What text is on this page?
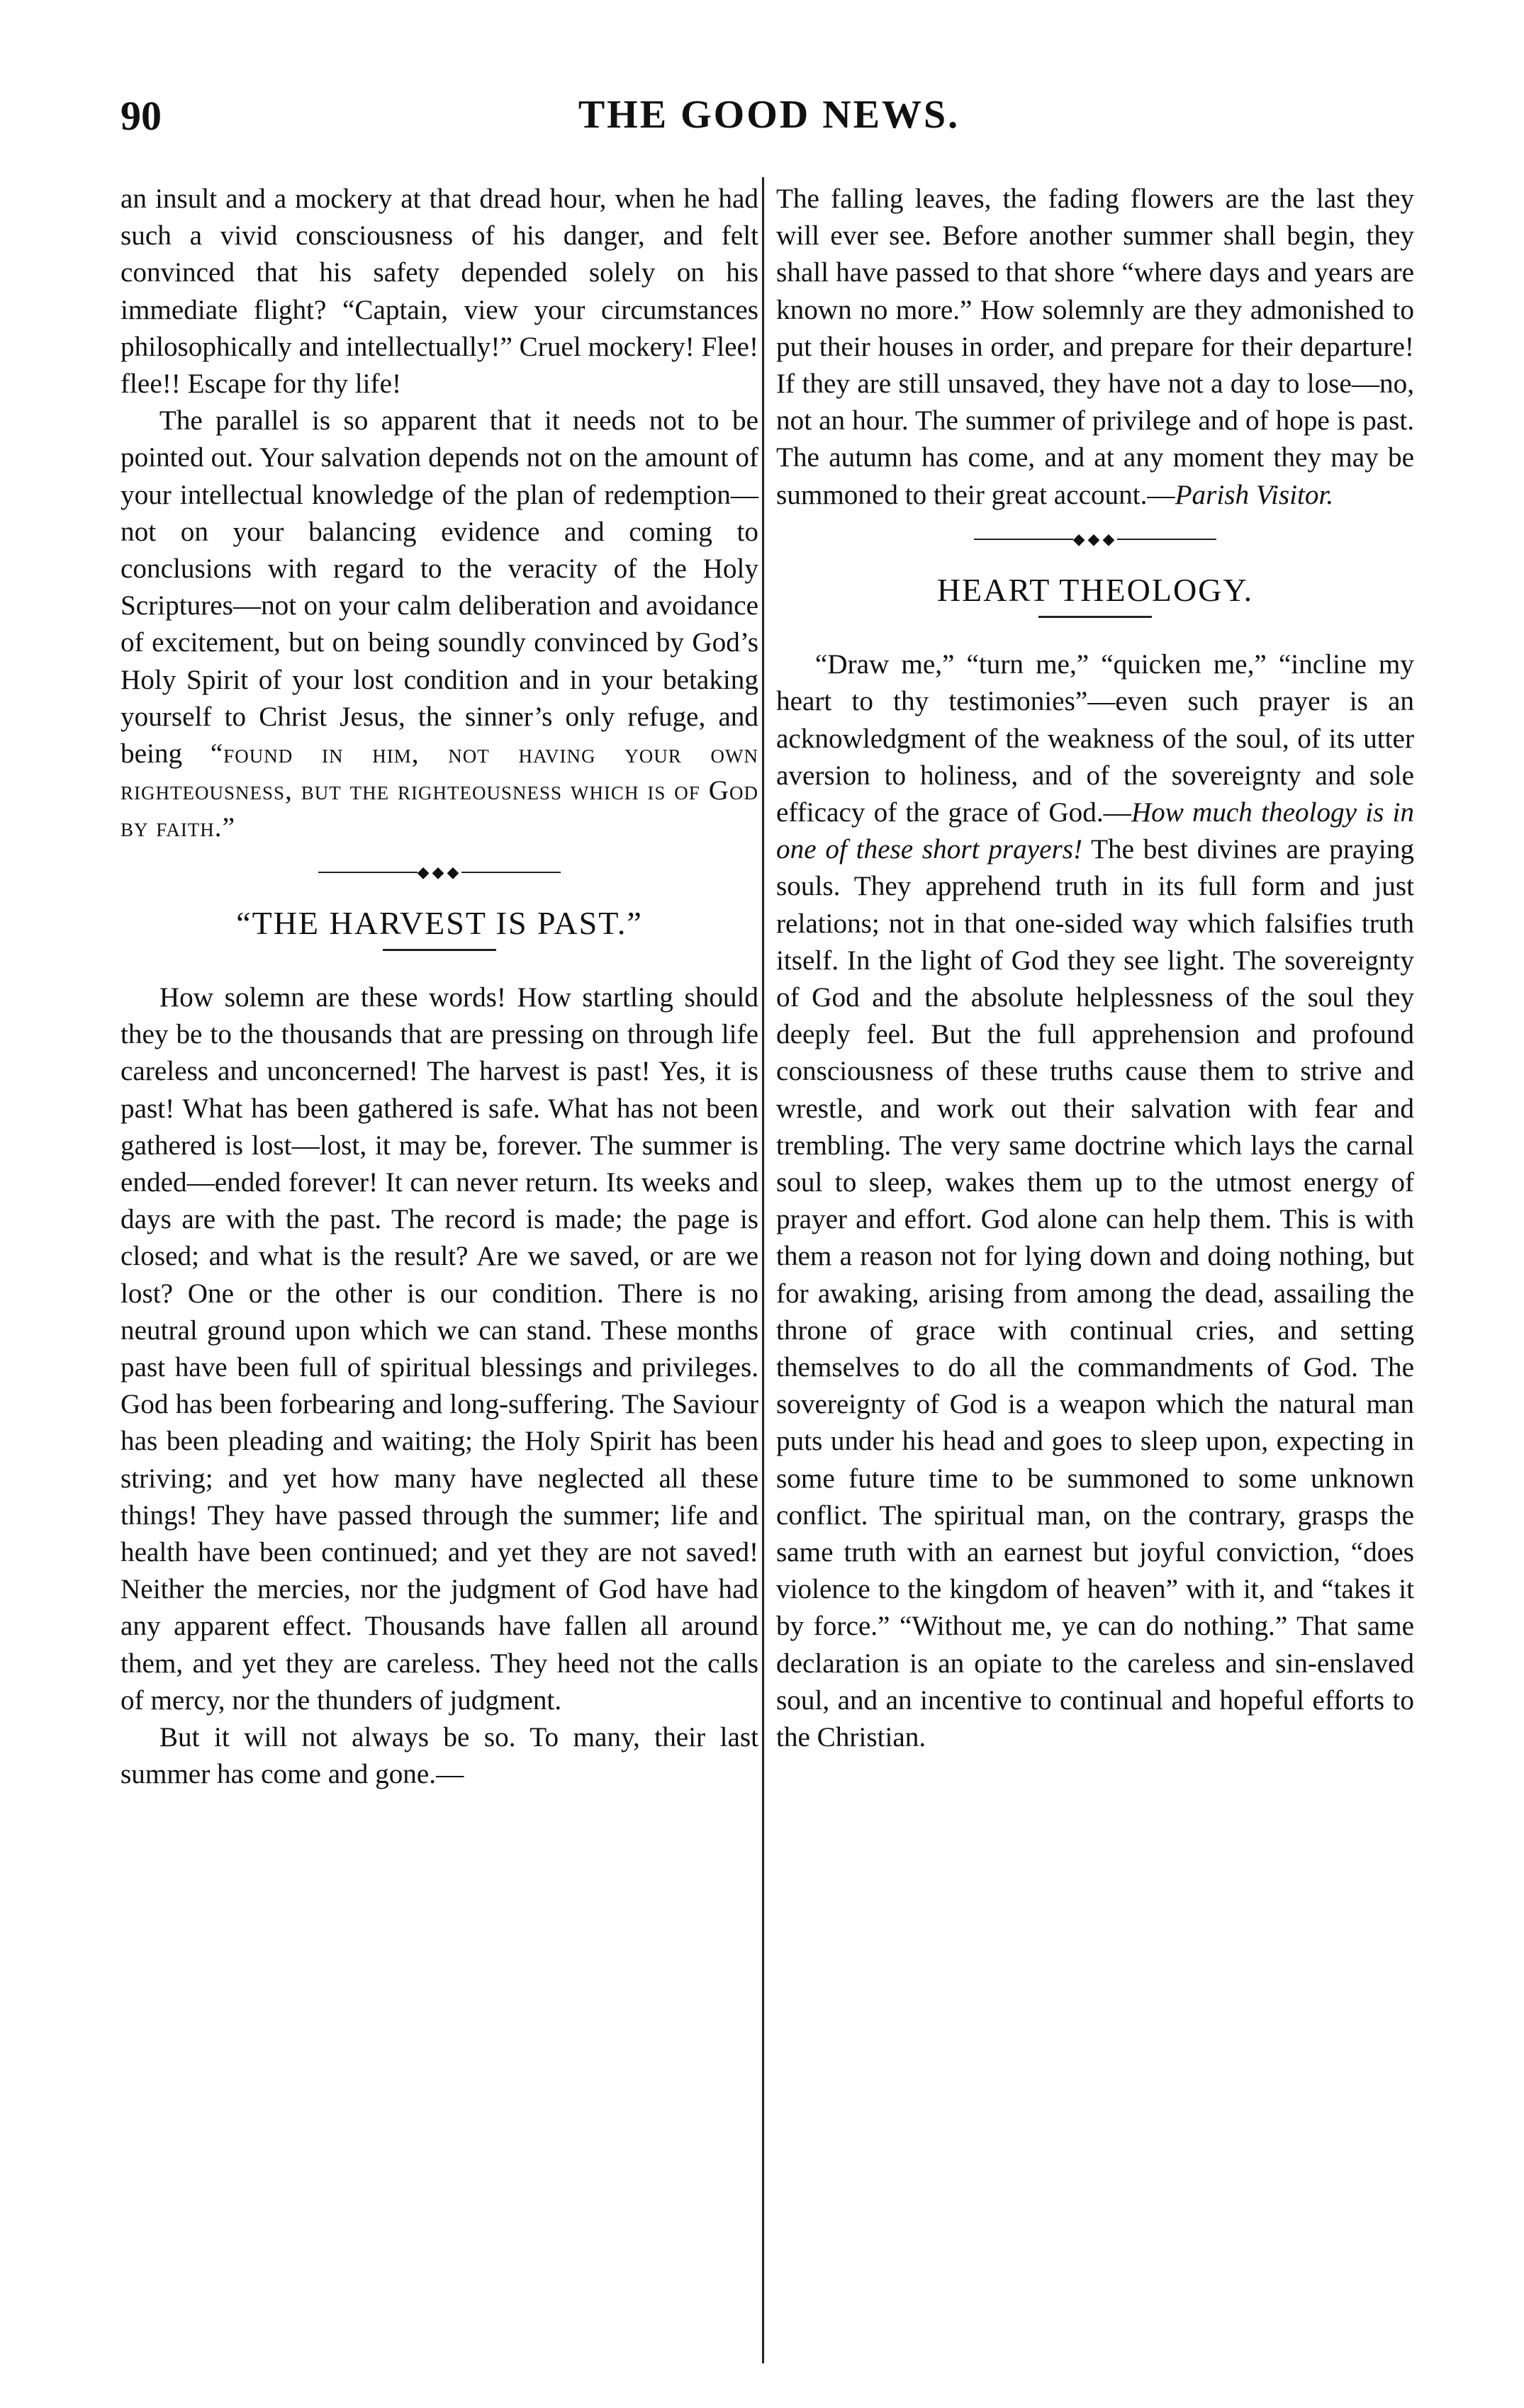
90	THE GOOD NEWS.

an insult and a mockery at that dread hour, when he had such a vivid consciousness of his danger, and felt convinced that his safety depended solely on his immediate flight? “Captain, view your circumstances philosophically and intellectually!” Cruel mockery! Flee! flee!! Escape for thy life!

The parallel is so apparent that it needs not to be pointed out. Your salvation depends not on the amount of your intellectual knowledge of the plan of redemption—not on your balancing evidence and coming to conclusions with regard to the veracity of the Holy Scriptures—not on your calm deliberation and avoidance of excitement, but on being soundly convinced by God’s Holy Spirit of your lost condition and in your betaking yourself to Christ Jesus, the sinner’s only refuge, and being “found in him, not having your own righteousness, but the righteousness which is of God by faith.”

◆◆◆
“THE HARVEST IS PAST.”

How solemn are these words! How startling should they be to the thousands that are pressing on through life careless and unconcerned! The harvest is past! Yes, it is past! What has been gathered is safe. What has not been gathered is lost—lost, it may be, forever. The summer is ended—ended forever! It can never return. Its weeks and days are with the past. The record is made; the page is closed; and what is the result? Are we saved, or are we lost? One or the other is our condition. There is no neutral ground upon which we can stand. These months past have been full of spiritual blessings and privileges. God has been forbearing and long-suffering. The Saviour has been pleading and waiting; the Holy Spirit has been striving; and yet how many have neglected all these things! They have passed through the summer; life and health have been continued; and yet they are not saved! Neither the mercies, nor the judgment of God have had any apparent effect. Thousands have fallen all around them, and yet they are careless. They heed not the calls of mercy, nor the thunders of judgment.

But it will not always be so. To many, their last summer has come and gone.—

The falling leaves, the fading flowers are the last they will ever see. Before another summer shall begin, they shall have passed to that shore “where days and years are known no more.” How solemnly are they admonished to put their houses in order, and prepare for their departure! If they are still unsaved, they have not a day to lose—no, not an hour. The summer of privilege and of hope is past. The autumn has come, and at any moment they may be summoned to their great account.—Parish Visitor.

◆◆◆
HEART THEOLOGY.

“Draw me,” “turn me,” “quicken me,” “incline my heart to thy testimonies”—even such prayer is an acknowledgment of the weakness of the soul, of its utter aversion to holiness, and of the sovereignty and sole efficacy of the grace of God.—How much theology is in one of these short prayers! The best divines are praying souls. They apprehend truth in its full form and just relations; not in that one-sided way which falsifies truth itself. In the light of God they see light. The sovereignty of God and the absolute helplessness of the soul they deeply feel. But the full apprehension and profound consciousness of these truths cause them to strive and wrestle, and work out their salvation with fear and trembling. The very same doctrine which lays the carnal soul to sleep, wakes them up to the utmost energy of prayer and effort. God alone can help them. This is with them a reason not for lying down and doing nothing, but for awaking, arising from among the dead, assailing the throne of grace with continual cries, and setting themselves to do all the commandments of God. The sovereignty of God is a weapon which the natural man puts under his head and goes to sleep upon, expecting in some future time to be summoned to some unknown conflict. The spiritual man, on the contrary, grasps the same truth with an earnest but joyful conviction, “does violence to the kingdom of heaven” with it, and “takes it by force.” “Without me, ye can do nothing.” That same declaration is an opiate to the careless and sin-enslaved soul, and an incentive to continual and hopeful efforts to the Christian.
